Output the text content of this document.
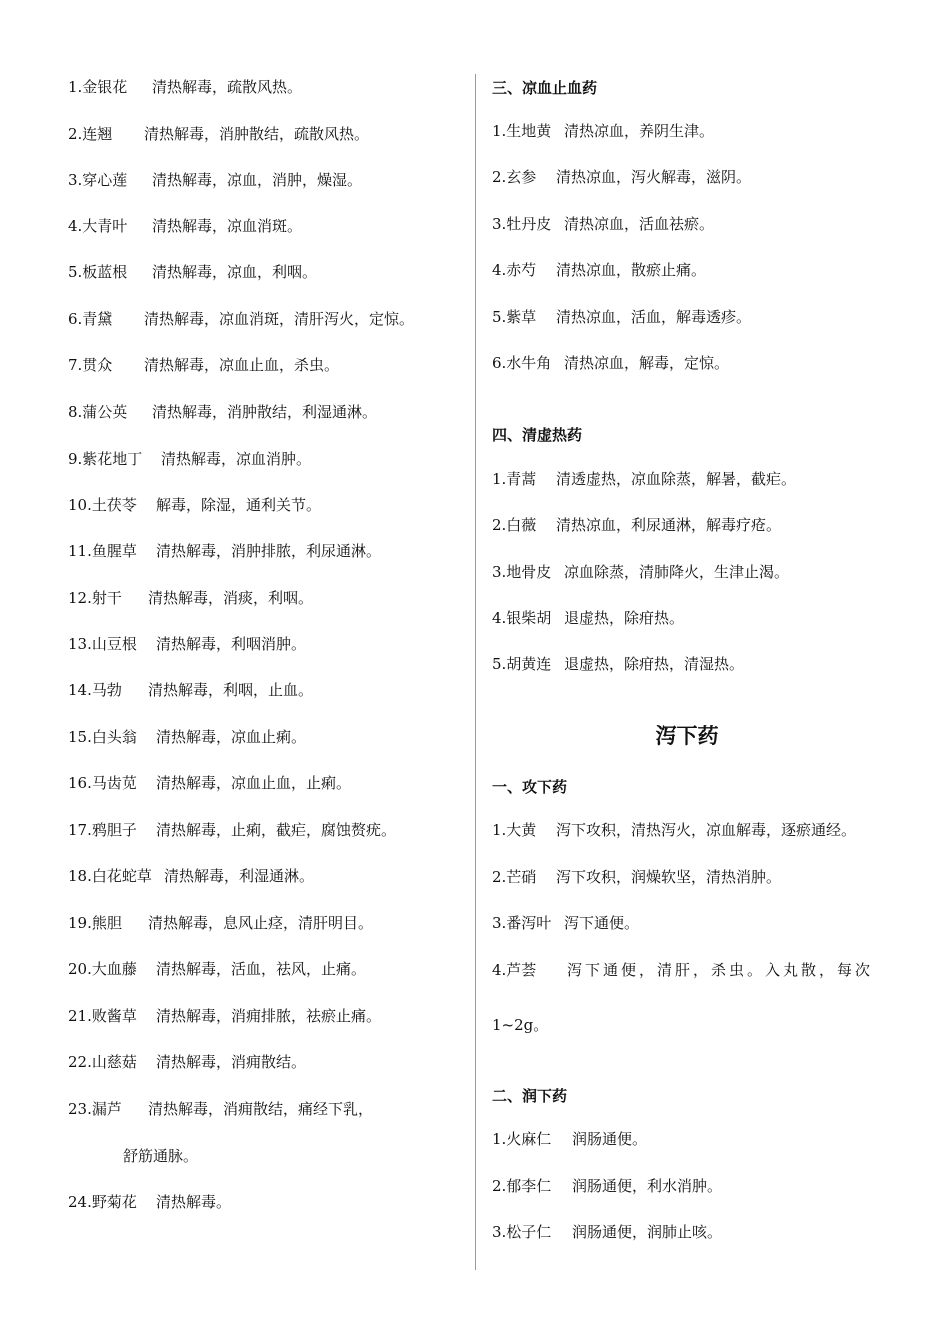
1.金银花 清热解毒，疏散风热。
2.连翘 清热解毒，消肿散结，疏散风热。
3.穿心莲 清热解毒，凉血，消肿，燥湿。
4.大青叶 清热解毒，凉血消斑。
5.板蓝根 清热解毒，凉血，利咽。
6.青黛 清热解毒，凉血消斑，清肝泻火，定惊。
7.贯众 清热解毒，凉血止血，杀虫。
8.蒲公英 清热解毒，消肿散结，利湿通淋。
9.紫花地丁 清热解毒，凉血消肿。
10.土茯苓 解毒，除湿，通利关节。
11.鱼腥草 清热解毒，消肿排脓，利尿通淋。
12.射干 清热解毒，消痰，利咽。
13.山豆根 清热解毒，利咽消肿。
14.马勃 清热解毒，利咽，止血。
15.白头翁 清热解毒，凉血止痢。
16.马齿苋 清热解毒，凉血止血，止痢。
17.鸦胆子 清热解毒，止痢，截疟，腐蚀赘疣。
18.白花蛇草 清热解毒，利湿通淋。
19.熊胆 清热解毒，息风止痉，清肝明目。
20.大血藤 清热解毒，活血，祛风，止痛。
21.败酱草 清热解毒，消痈排脓，祛瘀止痛。
22.山慈菇 清热解毒，消痈散结。
23.漏芦 清热解毒，消痈散结，痛经下乳，
舒筋通脉。
24.野菊花 清热解毒。
三、凉血止血药
1.生地黄 清热凉血，养阴生津。
2.玄参 清热凉血，泻火解毒，滋阴。
3.牡丹皮 清热凉血，活血祛瘀。
4.赤芍 清热凉血，散瘀止痛。
5.紫草 清热凉血，活血，解毒透疹。
6.水牛角 清热凉血，解毒，定惊。
四、清虚热药
1.青蒿 清透虚热，凉血除蒸，解暑，截疟。
2.白薇 清热凉血，利尿通淋，解毒疗疮。
3.地骨皮 凉血除蒸，清肺降火，生津止渴。
4.银柴胡 退虚热，除疳热。
5.胡黄连 退虚热，除疳热，清湿热。
泻下药
一、攻下药
1.大黄 泻下攻积，清热泻火，凉血解毒，逐瘀通经。
2.芒硝 泻下攻积，润燥软坚，清热消肿。
3.番泻叶 泻下通便。
4.芦荟 泻下通便，清肝，杀虫。入丸散，每次
1~2g。
二、润下药
1.火麻仁 润肠通便。
2.郁李仁 润肠通便，利水消肿。
3.松子仁 润肠通便，润肺止咳。
